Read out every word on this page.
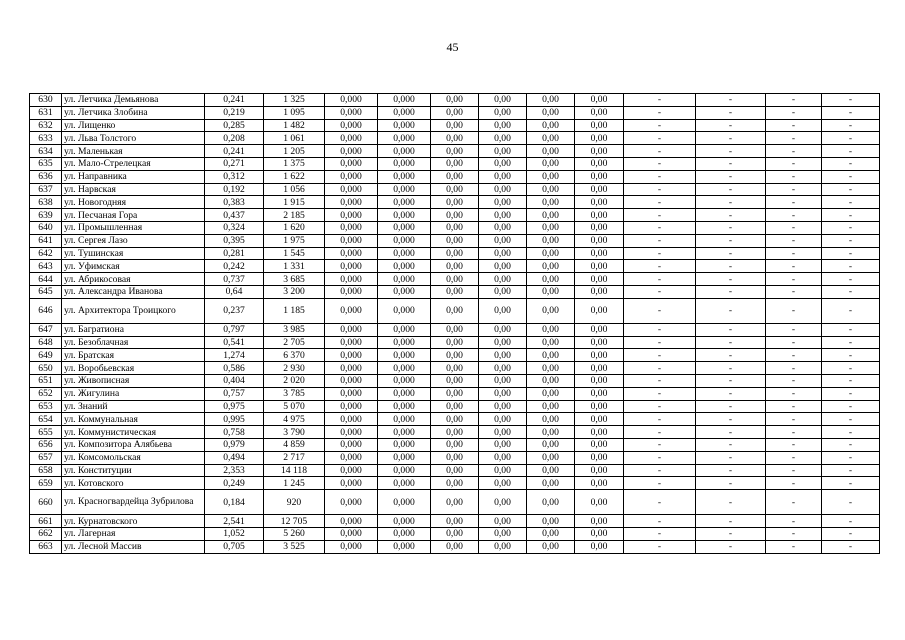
45
630	ул. Летчика Демьянова	0,241	1 325	0,000	0,000	0,00	0,00	0,00	0,00	-	-	-	-
631	ул. Летчика Злобина	0,219	1 095	0,000	0,000	0,00	0,00	0,00	0,00	-	-	-	-
632	ул. Лищенко	0,285	1 482	0,000	0,000	0,00	0,00	0,00	0,00	-	-	-	-
633	ул. Льва Толстого	0,208	1 061	0,000	0,000	0,00	0,00	0,00	0,00	-	-	-	-
634	ул. Маленькая	0,241	1 205	0,000	0,000	0,00	0,00	0,00	0,00	-	-	-	-
635	ул. Мало-Стрелецкая	0,271	1 375	0,000	0,000	0,00	0,00	0,00	0,00	-	-	-	-
636	ул. Направника	0,312	1 622	0,000	0,000	0,00	0,00	0,00	0,00	-	-	-	-
637	ул. Нарвская	0,192	1 056	0,000	0,000	0,00	0,00	0,00	0,00	-	-	-	-
638	ул. Новогодняя	0,383	1 915	0,000	0,000	0,00	0,00	0,00	0,00	-	-	-	-
639	ул. Песчаная Гора	0,437	2 185	0,000	0,000	0,00	0,00	0,00	0,00	-	-	-	-
640	ул. Промышленная	0,324	1 620	0,000	0,000	0,00	0,00	0,00	0,00	-	-	-	-
641	ул. Сергея Лазо	0,395	1 975	0,000	0,000	0,00	0,00	0,00	0,00	-	-	-	-
642	ул. Тушинская	0,281	1 545	0,000	0,000	0,00	0,00	0,00	0,00	-	-	-	-
643	ул. Уфимская	0,242	1 331	0,000	0,000	0,00	0,00	0,00	0,00	-	-	-	-
644	ул. Абрикосовая	0,737	3 685	0,000	0,000	0,00	0,00	0,00	0,00	-	-	-	-
645	ул. Александра Иванова	0,64	3 200	0,000	0,000	0,00	0,00	0,00	0,00	-	-	-	-
646	ул. Архитектора Троицкого	0,237	1 185	0,000	0,000	0,00	0,00	0,00	0,00	-	-	-	-
647	ул. Багратиона	0,797	3 985	0,000	0,000	0,00	0,00	0,00	0,00	-	-	-	-
648	ул. Безоблачная	0,541	2 705	0,000	0,000	0,00	0,00	0,00	0,00	-	-	-	-
649	ул. Братская	1,274	6 370	0,000	0,000	0,00	0,00	0,00	0,00	-	-	-	-
650	ул. Воробьевская	0,586	2 930	0,000	0,000	0,00	0,00	0,00	0,00	-	-	-	-
651	ул. Живописная	0,404	2 020	0,000	0,000	0,00	0,00	0,00	0,00	-	-	-	-
652	ул. Жигулина	0,757	3 785	0,000	0,000	0,00	0,00	0,00	0,00	-	-	-	-
653	ул. Знаний	0,975	5 070	0,000	0,000	0,00	0,00	0,00	0,00	-	-	-	-
654	ул. Коммунальная	0,995	4 975	0,000	0,000	0,00	0,00	0,00	0,00	-	-	-	-
655	ул. Коммунистическая	0,758	3 790	0,000	0,000	0,00	0,00	0,00	0,00	-	-	-	-
656	ул. Композитора Алябьева	0,979	4 859	0,000	0,000	0,00	0,00	0,00	0,00	-	-	-	-
657	ул. Комсомольская	0,494	2 717	0,000	0,000	0,00	0,00	0,00	0,00	-	-	-	-
658	ул. Конституции	2,353	14 118	0,000	0,000	0,00	0,00	0,00	0,00	-	-	-	-
659	ул. Котовского	0,249	1 245	0,000	0,000	0,00	0,00	0,00	0,00	-	-	-	-
660	ул. Красногвардейца Зубрилова	0,184	920	0,000	0,000	0,00	0,00	0,00	0,00	-	-	-	-
661	ул. Курнатовского	2,541	12 705	0,000	0,000	0,00	0,00	0,00	0,00	-	-	-	-
662	ул. Лагерная	1,052	5 260	0,000	0,000	0,00	0,00	0,00	0,00	-	-	-	-
663	ул. Лесной Массив	0,705	3 525	0,000	0,000	0,00	0,00	0,00	0,00	-	-	-	-
